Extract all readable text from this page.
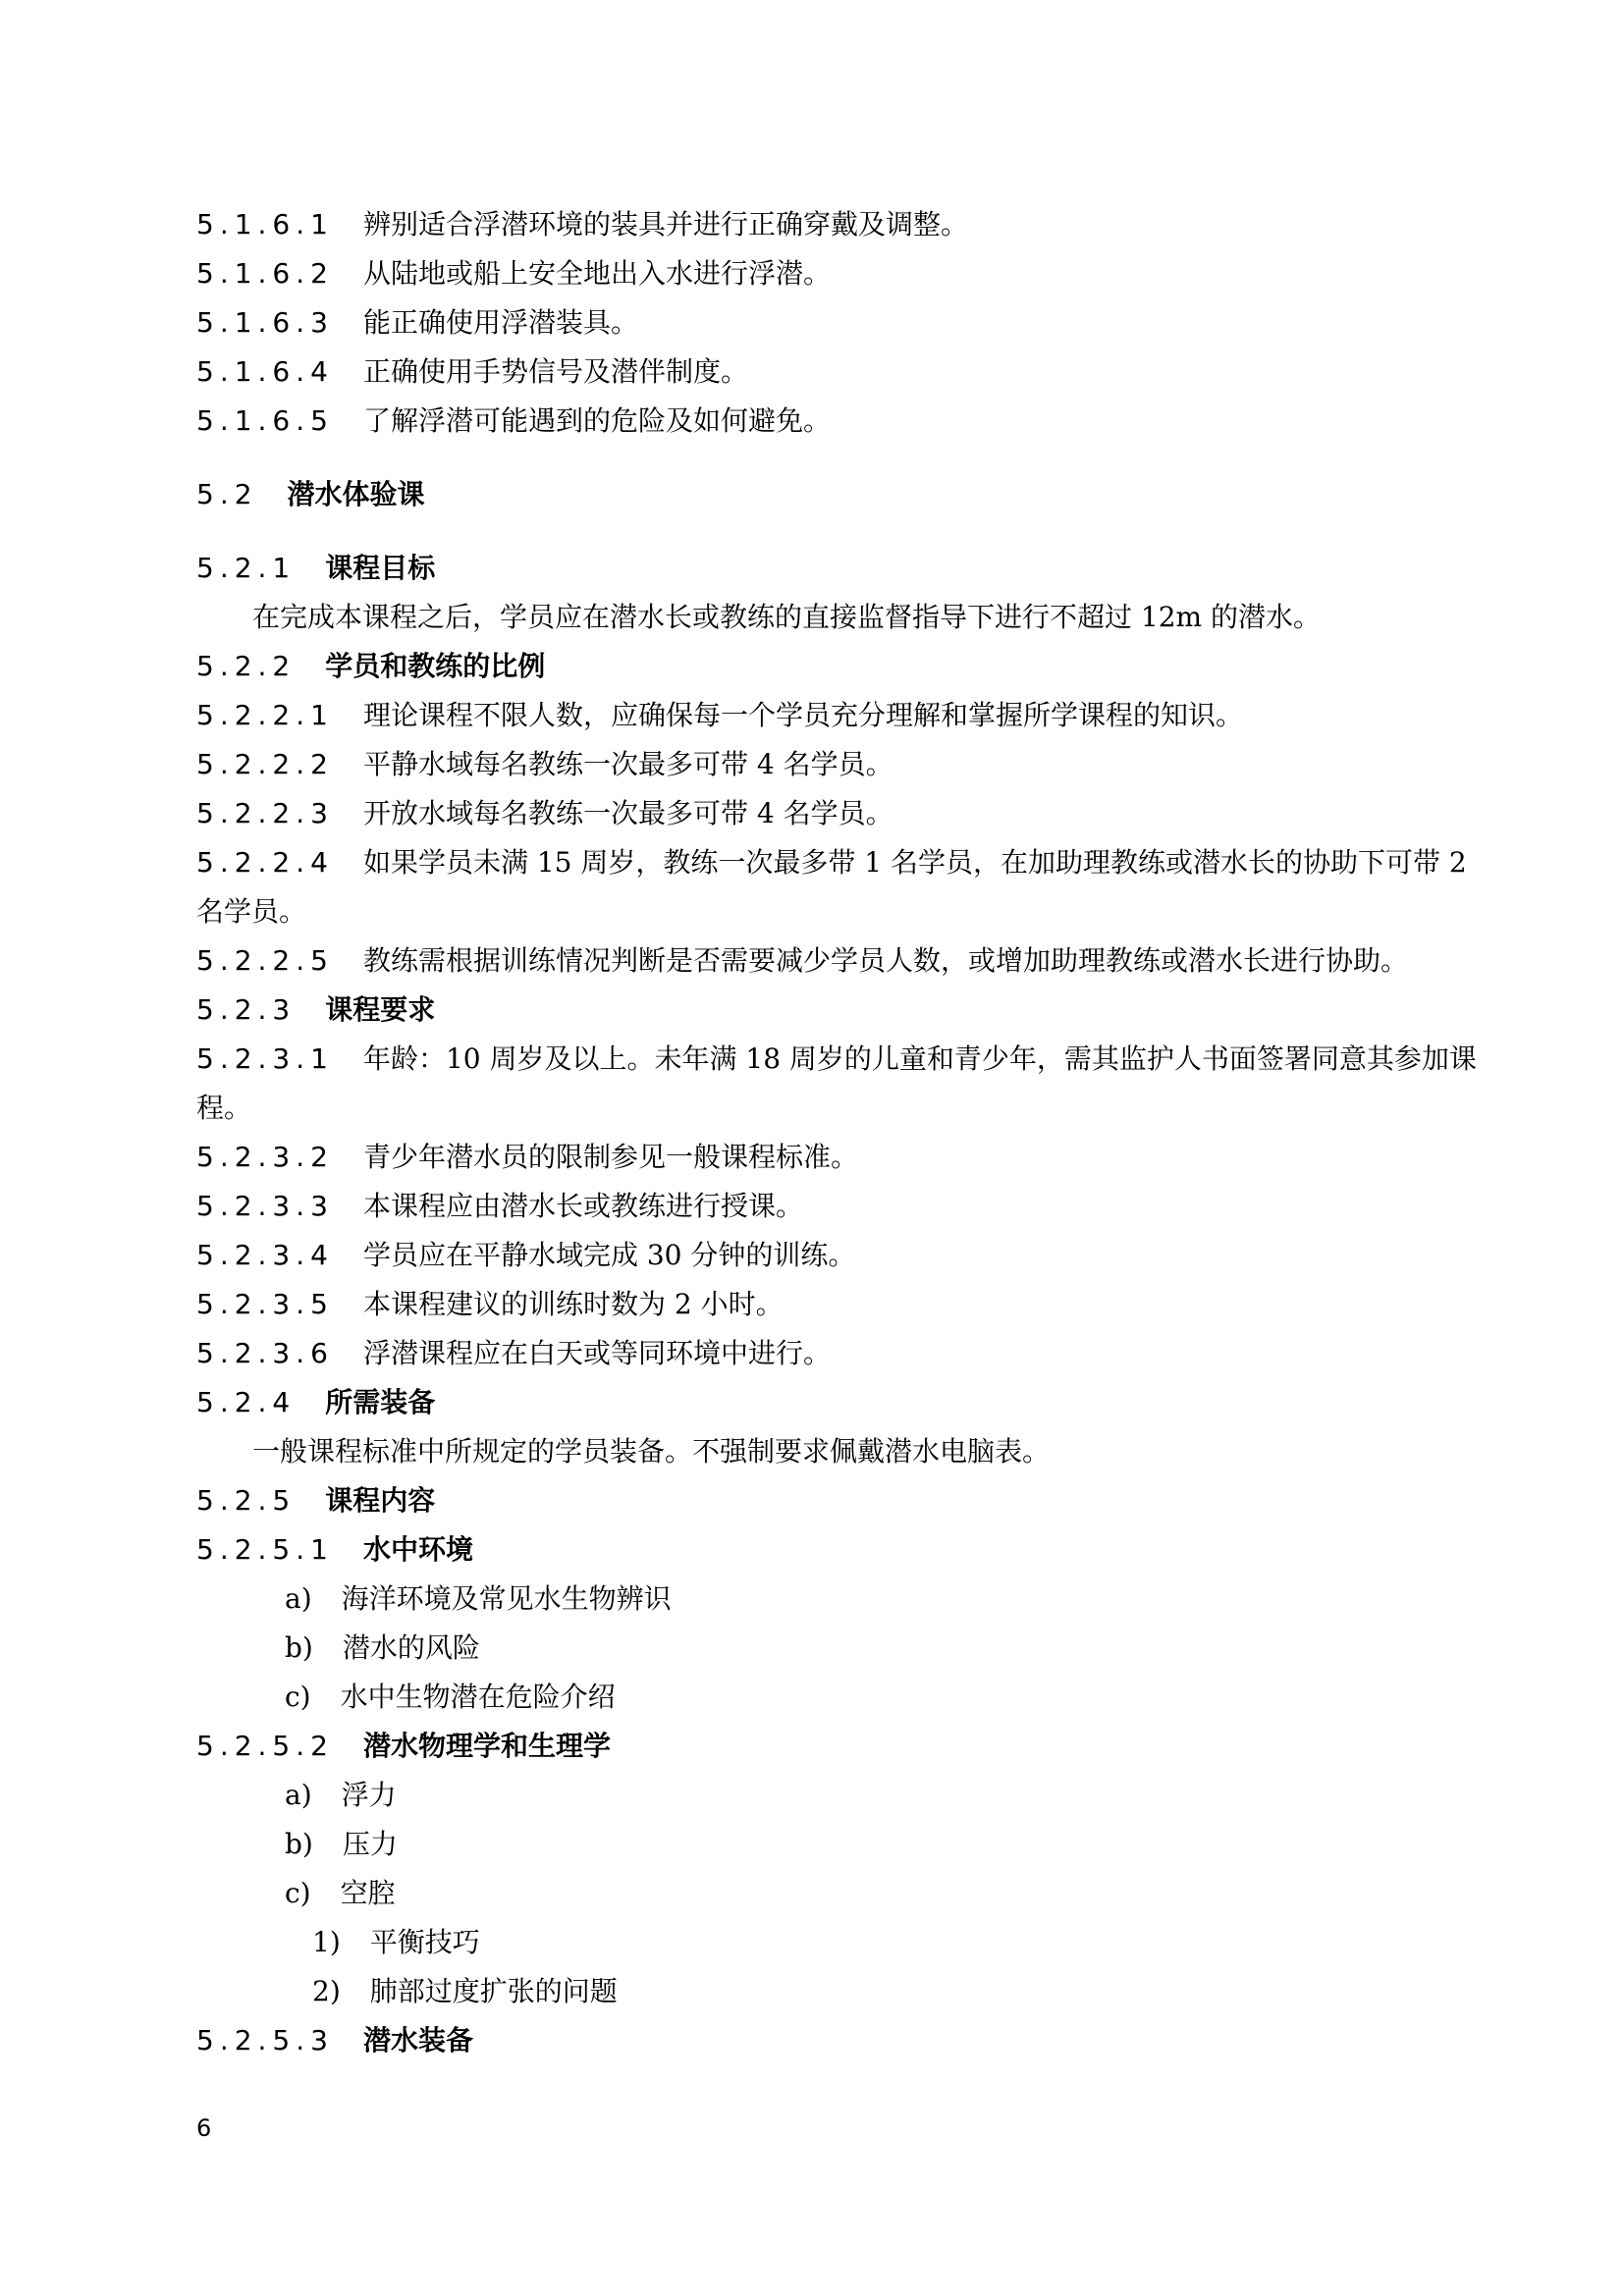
5.1.6.1 辨别适合浮潜环境的装具并进行正确穿戴及调整。
5.1.6.2 从陆地或船上安全地出入水进行浮潜。
5.1.6.3 能正确使用浮潜装具。
5.1.6.4 正确使用手势信号及潜伴制度。
5.1.6.5 了解浮潜可能遇到的危险及如何避免。
5.2 潜水体验课
5.2.1 课程目标
在完成本课程之后，学员应在潜水长或教练的直接监督指导下进行不超过 12m 的潜水。
5.2.2 学员和教练的比例
5.2.2.1 理论课程不限人数，应确保每一个学员充分理解和掌握所学课程的知识。
5.2.2.2 平静水域每名教练一次最多可带 4 名学员。
5.2.2.3 开放水域每名教练一次最多可带 4 名学员。
5.2.2.4 如果学员未满 15 周岁，教练一次最多带 1 名学员，在加助理教练或潜水长的协助下可带 2
名学员。
5.2.2.5 教练需根据训练情况判断是否需要减少学员人数，或增加助理教练或潜水长进行协助。
5.2.3 课程要求
5.2.3.1 年龄：10 周岁及以上。未年满 18 周岁的儿童和青少年，需其监护人书面签署同意其参加课
程。
5.2.3.2 青少年潜水员的限制参见一般课程标准。
5.2.3.3 本课程应由潜水长或教练进行授课。
5.2.3.4 学员应在平静水域完成 30 分钟的训练。
5.2.3.5 本课程建议的训练时数为 2 小时。
5.2.3.6 浮潜课程应在白天或等同环境中进行。
5.2.4 所需装备
一般课程标准中所规定的学员装备。不强制要求佩戴潜水电脑表。
5.2.5 课程内容
5.2.5.1 水中环境
a) 海洋环境及常见水生物辨识
b) 潜水的风险
c) 水中生物潜在危险介绍
5.2.5.2 潜水物理学和生理学
a) 浮力
b) 压力
c) 空腔
1) 平衡技巧
2) 肺部过度扩张的问题
5.2.5.3 潜水装备
6
